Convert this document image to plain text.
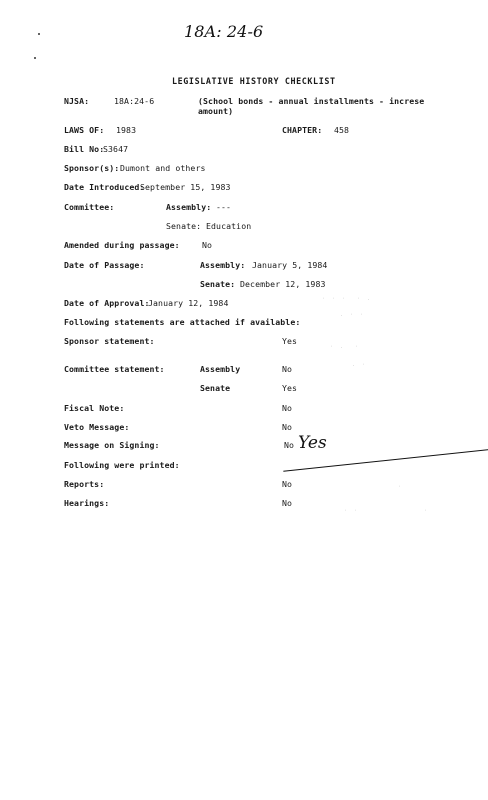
· · ·  · .
. · ·
· .  ·
. ·
·
· ·             ·
18A: 24-6
LEGISLATIVE HISTORY CHECKLIST
NJSA:	18A:24-6	(School bonds - annual installments - increse
amount)
LAWS OF: 1983	CHAPTER: 458
Bill No:
S3647
Sponsor(s): Dumont and others
Date Introduced:
September 15, 1983
Committee:	Assembly: ---
Senate: Education
Amended during passage:	No
Date of Passage:	Assembly: January 5, 1984
Senate: December 12, 1983
Date of Approval:
January 12, 1984
Following statements are attached if available:
Sponsor statement:	Yes
Committee statement:	Assembly	No
Senate	Yes
Fiscal Note:	No
Veto Message:	No
Message on Signing:	No Yes
Following were printed:
Reports:	No
Hearings:	No
